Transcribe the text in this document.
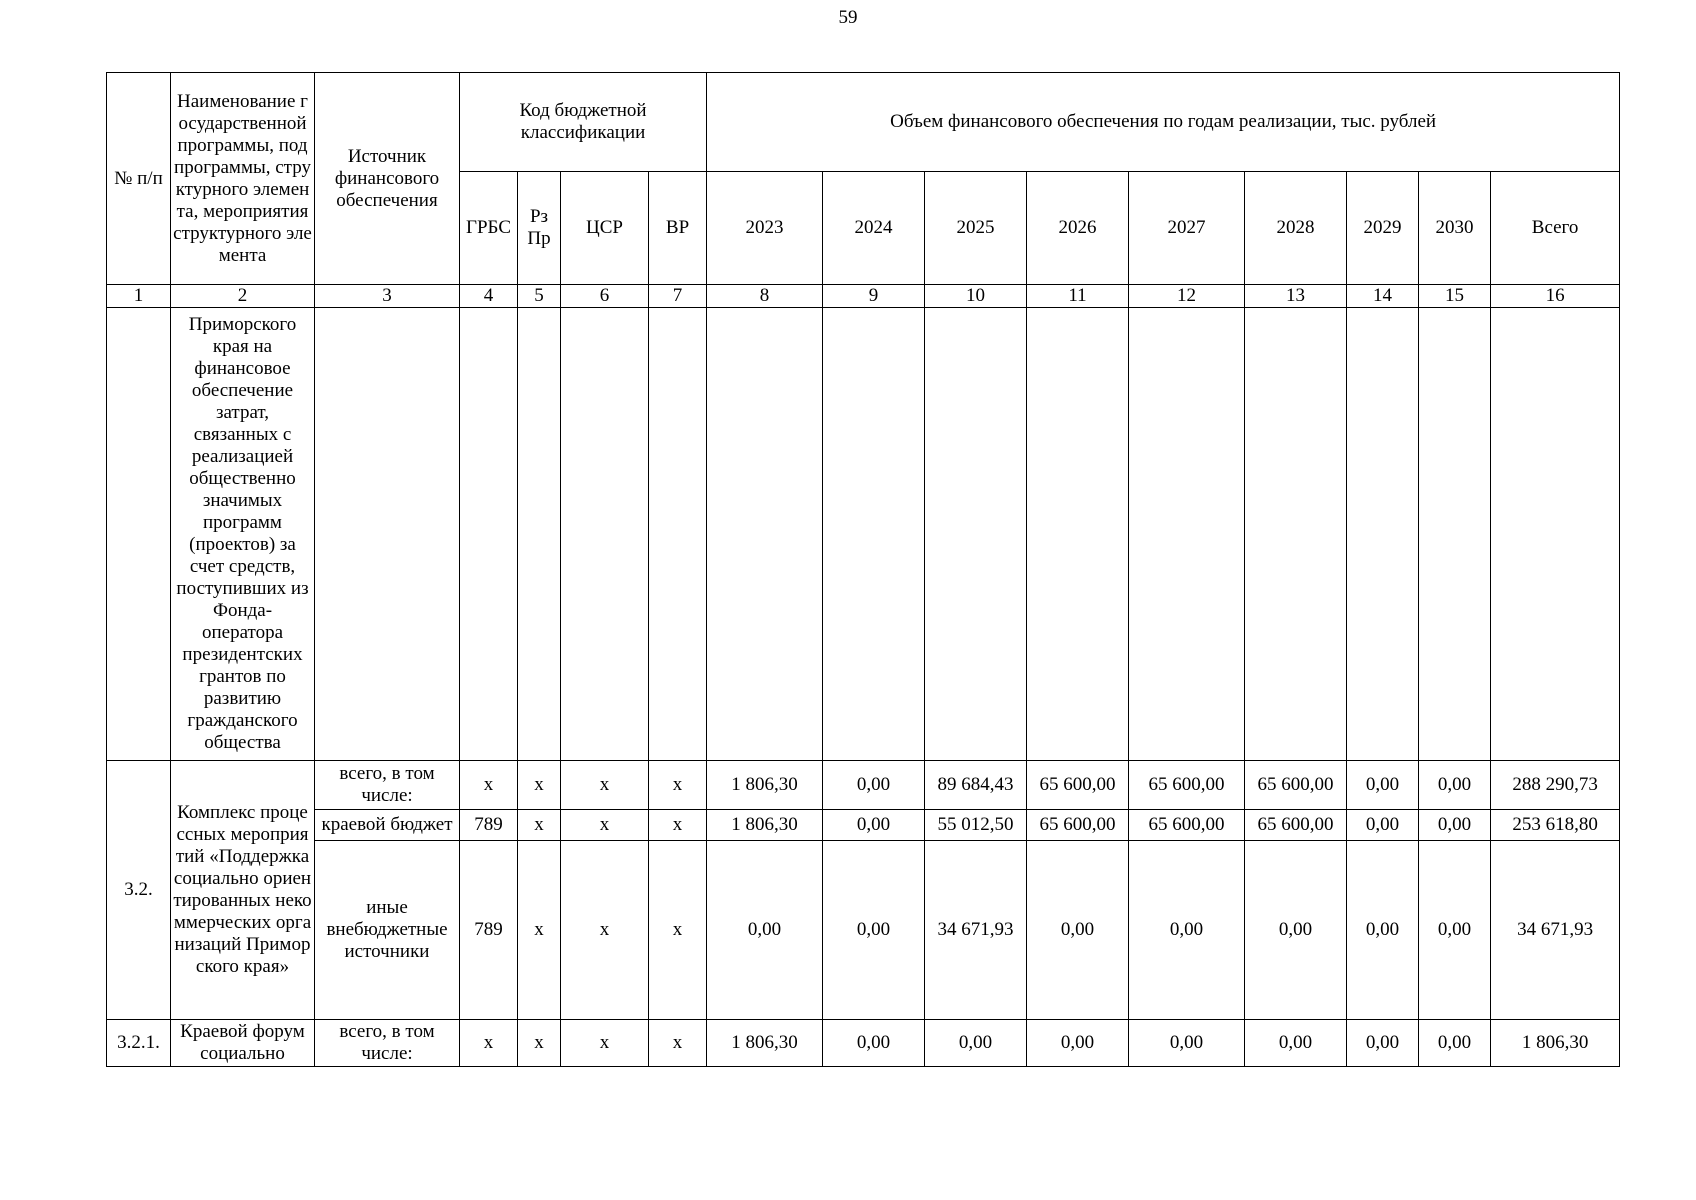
59
№ п/п	Наименование государственной программы, подпрограммы, структурного элемента, мероприятия структурного элемента	Источник финансового обеспечения	Код бюджетной классификации				Объем финансового обеспечения по годам реализации, тыс. рублей								
			ГРБС	Рз Пр	ЦСР	ВР	2023	2024	2025	2026	2027	2028	2029	2030	Всего
1	2	3	4	5	6	7	8	9	10	11	12	13	14	15	16
	Приморского края на финансовое обеспечение затрат, связанных с реализацией общественно значимых программ (проектов) за счет средств, поступивших из Фонда-оператора президентских грантов по развитию гражданского общества														
3.2.	Комплекс процессных мероприятий «Поддержка социально ориентированных некоммерческих организаций Приморского края»	всего, в том числе:	x	x	x	x	1 806,30	0,00	89 684,43	65 600,00	65 600,00	65 600,00	0,00	0,00	288 290,73
		краевой бюджет	789	x	x	x	1 806,30	0,00	55 012,50	65 600,00	65 600,00	65 600,00	0,00	0,00	253 618,80
		иные внебюджетные источники	789	x	x	x	0,00	0,00	34 671,93	0,00	0,00	0,00	0,00	0,00	34 671,93
3.2.1.	Краевой форум социально	всего, в том числе:	x	x	x	x	1 806,30	0,00	0,00	0,00	0,00	0,00	0,00	0,00	1 806,30
